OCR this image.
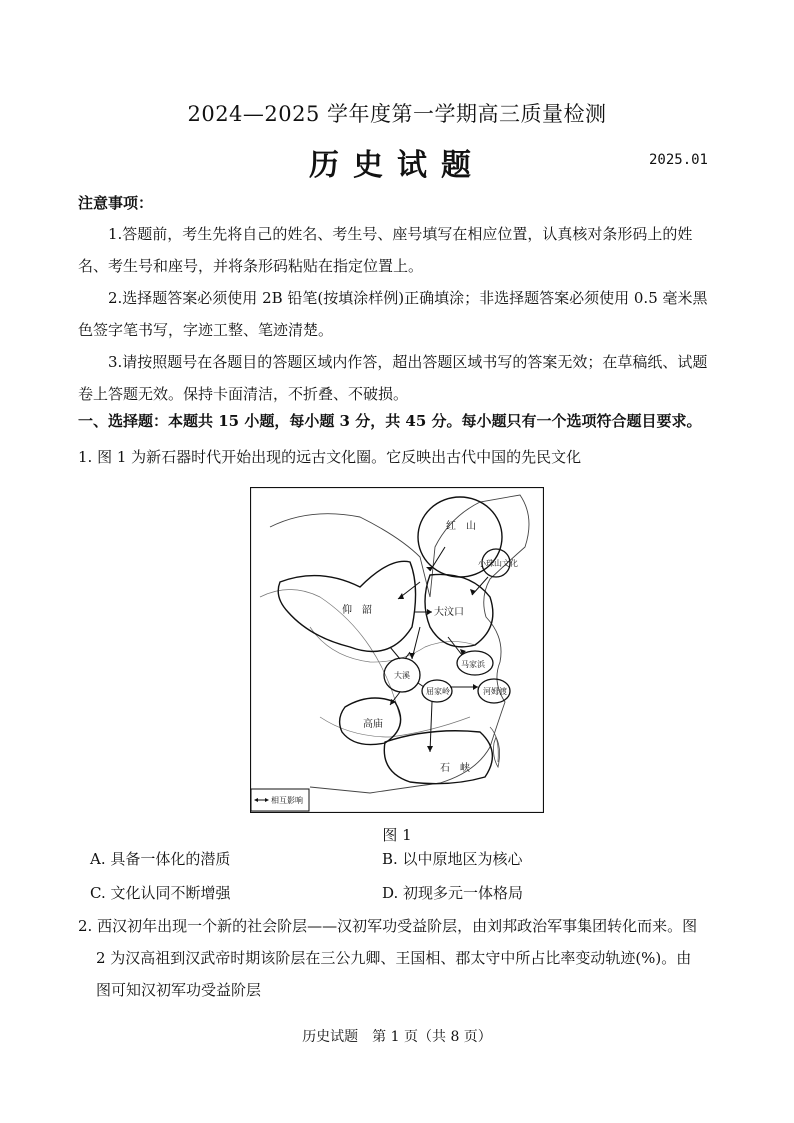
2024—2025 学年度第一学期高三质量检测
历史试题	2025.01
注意事项：
1.答题前，考生先将自己的姓名、考生号、座号填写在相应位置，认真核对条形码上的姓名、考生号和座号，并将条形码粘贴在指定位置上。
2.选择题答案必须使用 2B 铅笔(按填涂样例)正确填涂；非选择题答案必须使用 0.5 毫米黑色签字笔书写，字迹工整、笔迹清楚。
3.请按照题号在各题目的答题区域内作答，超出答题区域书写的答案无效；在草稿纸、试题卷上答题无效。保持卡面清洁，不折叠、不破损。
一、选择题：本题共 15 小题，每小题 3 分，共 45 分。每小题只有一个选项符合题目要求。
1. 图 1 为新石器时代开始出现的远古文化圈。它反映出古代中国的先民文化
红　山
小珠山文化
仰　韶	大汶口
马家浜
大溪
河姆渡
屈家岭
高庙
石　峡
相互影响
图 1
A. 具备一体化的潜质	B. 以中原地区为核心
C. 文化认同不断增强	D. 初现多元一体格局
2. 西汉初年出现一个新的社会阶层——汉初军功受益阶层，由刘邦政治军事集团转化而来。图
2 为汉高祖到汉武帝时期该阶层在三公九卿、王国相、郡太守中所占比率变动轨迹(%)。由
图可知汉初军功受益阶层
历史试题　第 1 页（共 8 页）
